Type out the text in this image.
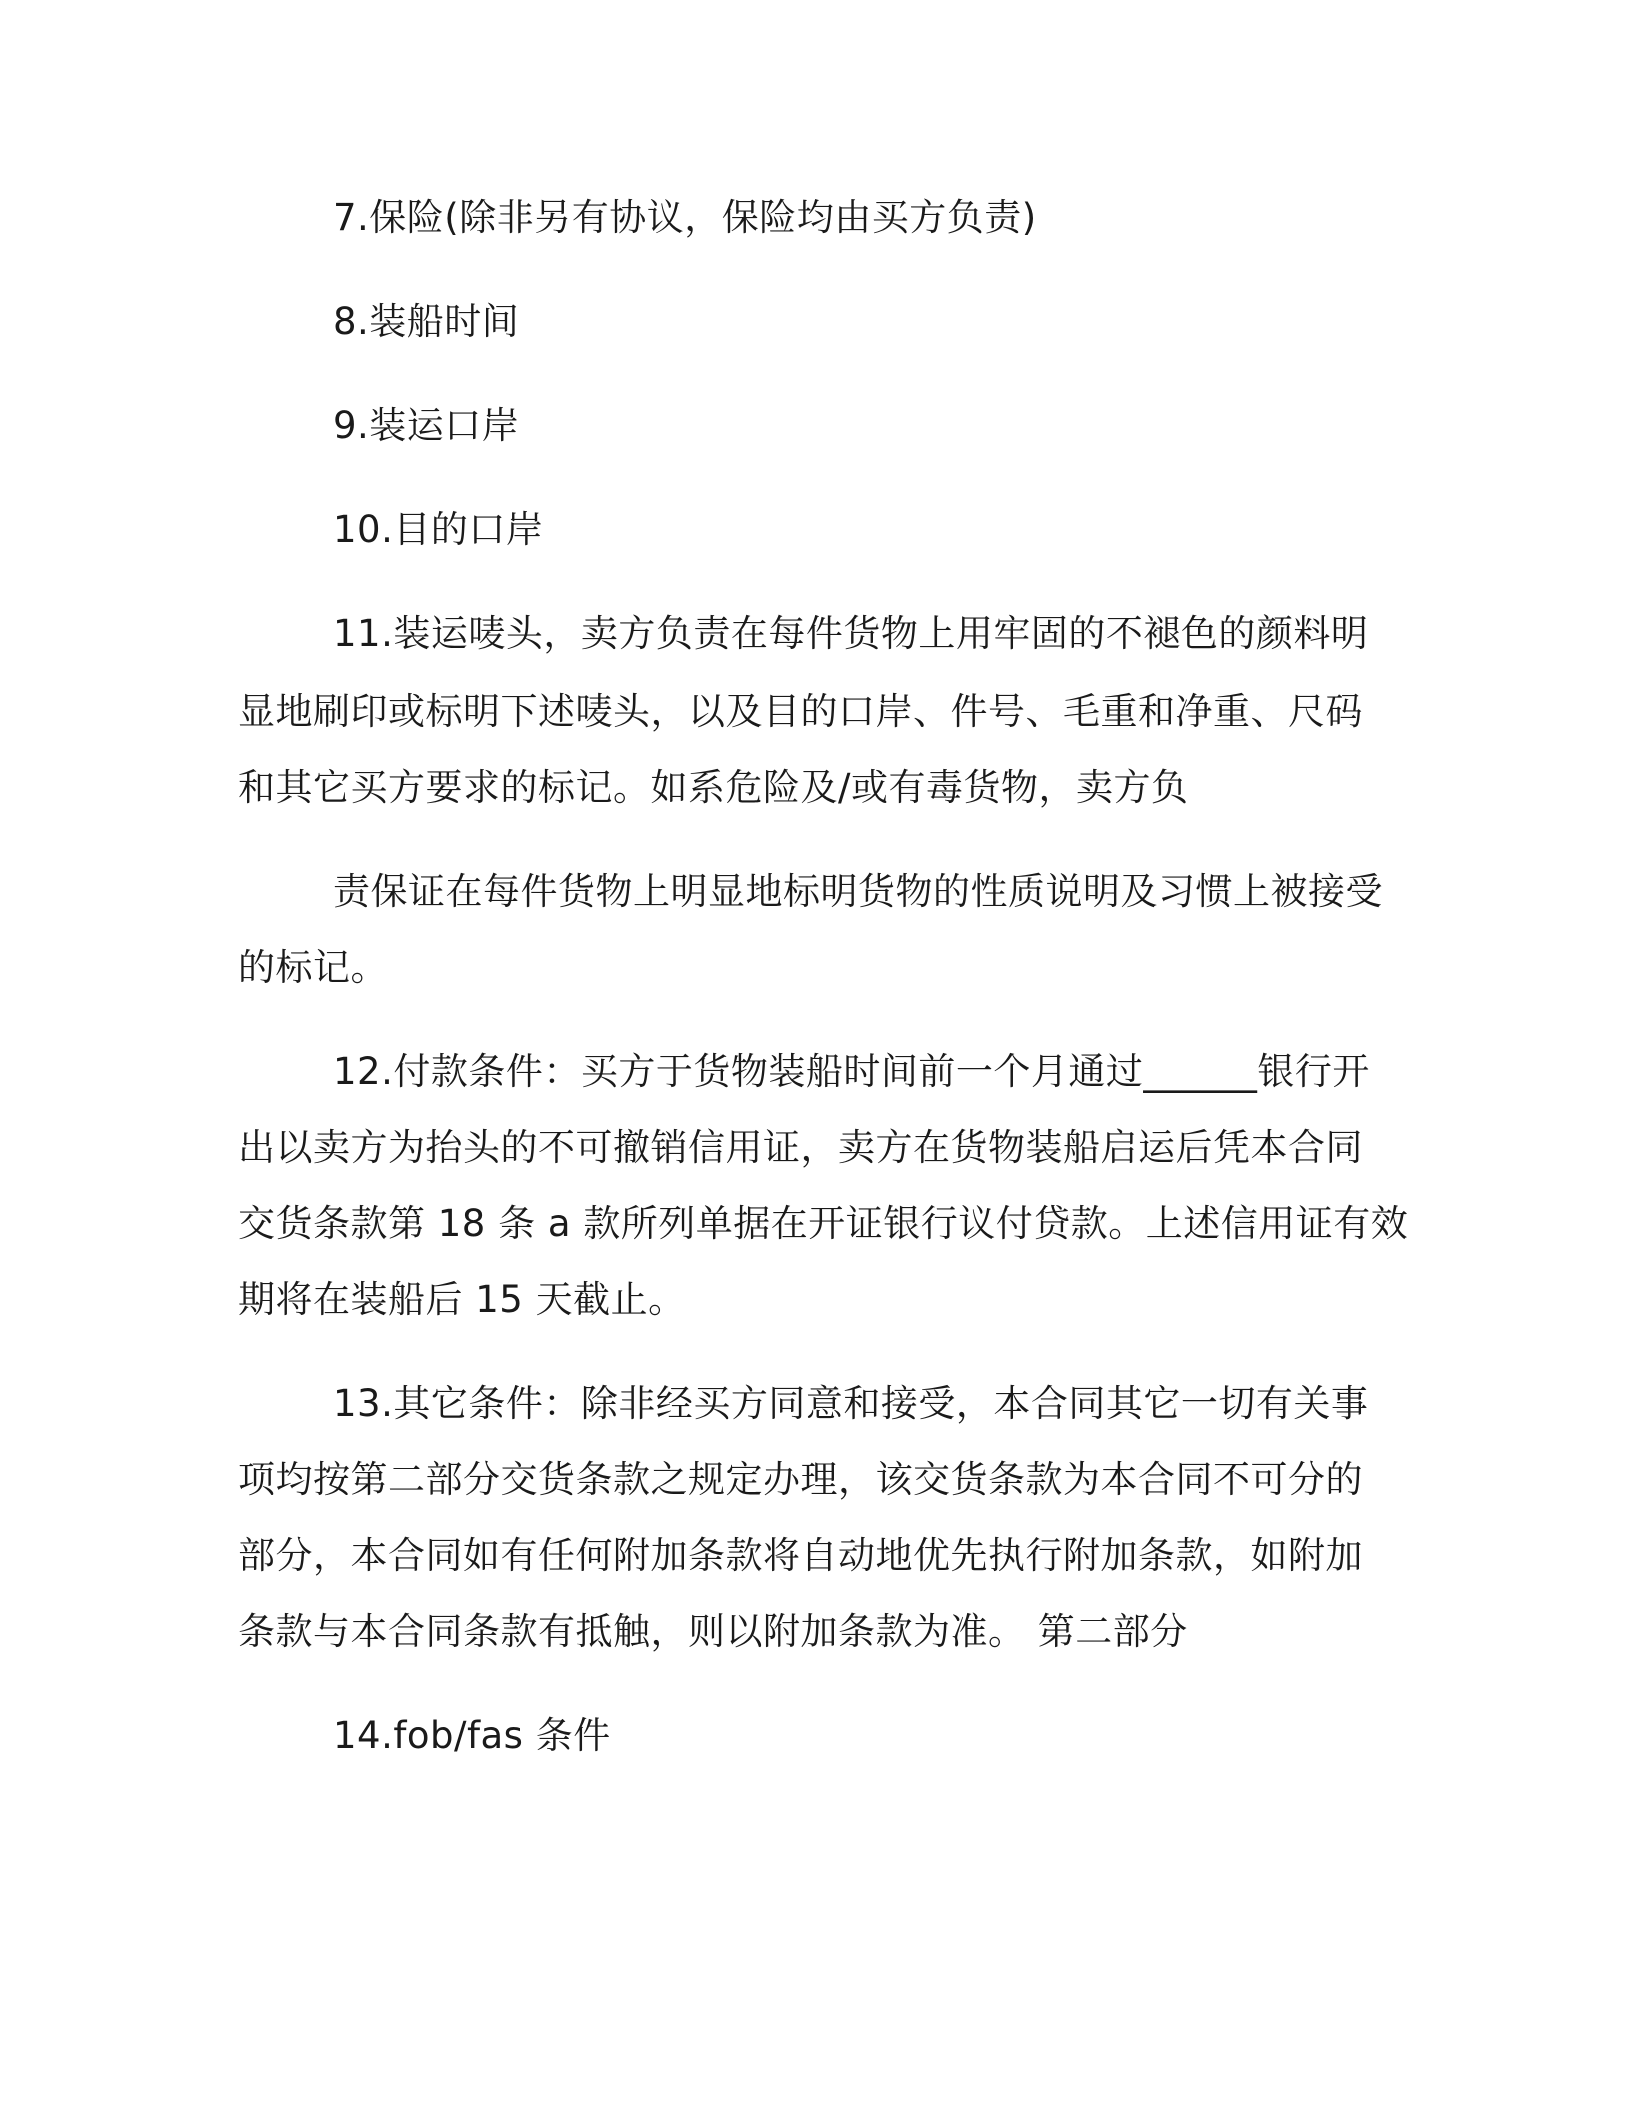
7.保险(除非另有协议，保险均由买方负责)
8.装船时间
9.装运口岸
10.目的口岸
11.装运唛头，卖方负责在每件货物上用牢固的不褪色的颜料明
显地刷印或标明下述唛头，以及目的口岸、件号、毛重和净重、尺码
和其它买方要求的标记。如系危险及/或有毒货物，卖方负
责保证在每件货物上明显地标明货物的性质说明及习惯上被接受
的标记。
12.付款条件：买方于货物装船时间前一个月通过______银行开
出以卖方为抬头的不可撤销信用证，卖方在货物装船启运后凭本合同
交货条款第 18 条 a 款所列单据在开证银行议付贷款。上述信用证有效
期将在装船后 15 天截止。
13.其它条件：除非经买方同意和接受，本合同其它一切有关事
项均按第二部分交货条款之规定办理，该交货条款为本合同不可分的
部分，本合同如有任何附加条款将自动地优先执行附加条款，如附加
条款与本合同条款有抵触，则以附加条款为准。 第二部分
14.fob/fas 条件
